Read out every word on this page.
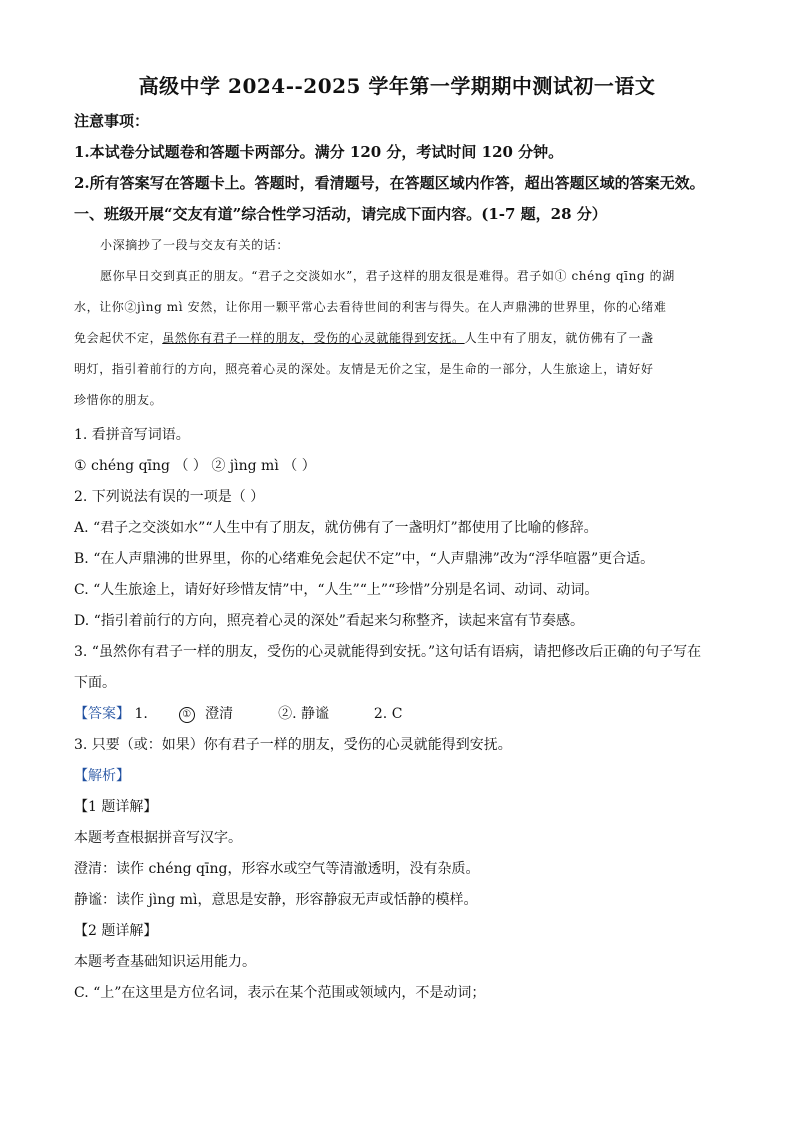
高级中学 2024--2025 学年第一学期期中测试初一语文
注意事项：
1.本试卷分试题卷和答题卡两部分。满分 120 分，考试时间 120 分钟。
2.所有答案写在答题卡上。答题时，看清题号，在答题区域内作答，超出答题区域的答案无效。
一、班级开展“交友有道”综合性学习活动，请完成下面内容。(1-7 题，28 分）
小深摘抄了一段与交友有关的话：
愿你早日交到真正的朋友。“君子之交淡如水”，君子这样的朋友很是难得。君子如① chéng qīng 的湖
水，让你②jìng mì 安然，让你用一颗平常心去看待世间的利害与得失。在人声鼎沸的世界里，你的心绪难
免会起伏不定，虽然你有君子一样的朋友，受伤的心灵就能得到安抚。人生中有了朋友，就仿佛有了一盏
明灯，指引着前行的方向，照亮着心灵的深处。友情是无价之宝，是生命的一部分，人生旅途上，请好好
珍惜你的朋友。
1. 看拼音写词语。
① chéng qīng （ ） ② jìng mì （ ）
2. 下列说法有误的一项是（ ）
A. “君子之交淡如水”“人生中有了朋友，就仿佛有了一盏明灯”都使用了比喻的修辞。
B. “在人声鼎沸的世界里，你的心绪难免会起伏不定”中，“人声鼎沸”改为“浮华喧嚣”更合适。
C. “人生旅途上，请好好珍惜友情”中，“人生”“上”“珍惜”分别是名词、动词、动词。
D. “指引着前行的方向，照亮着心灵的深处”看起来匀称整齐，读起来富有节奏感。
3. “虽然你有君子一样的朋友，受伤的心灵就能得到安抚。”这句话有语病，请把修改后正确的句子写在
下面。
【答案】 1.	① 澄清	②. 静谧	2. C
3. 只要（或：如果）你有君子一样的朋友，受伤的心灵就能得到安抚。
【解析】
【1 题详解】
本题考查根据拼音写汉字。
澄清：读作 chéng qīng，形容水或空气等清澈透明，没有杂质。
静谧：读作 jìng mì，意思是安静，形容静寂无声或恬静的模样。
【2 题详解】
本题考查基础知识运用能力。
C. “上”在这里是方位名词，表示在某个范围或领域内，不是动词；
